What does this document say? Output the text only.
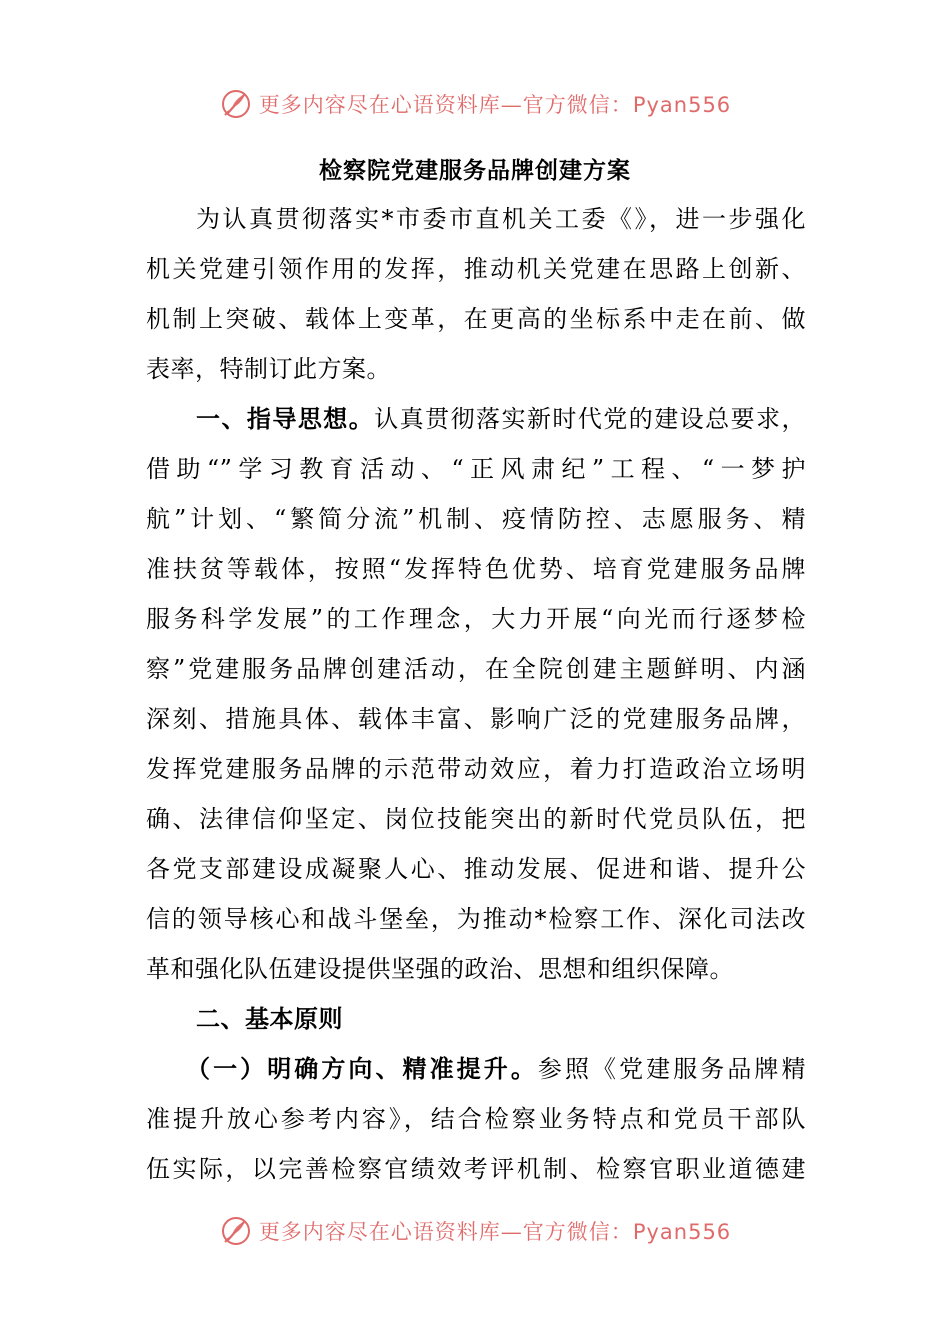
更多内容尽在心语资料库—官方微信：Pyan556
检察院党建服务品牌创建方案
为认真贯彻落实*市委市直机关工委《》，进一步强化
机关党建引领作用的发挥，推动机关党建在思路上创新、
机制上突破、载体上变革，在更高的坐标系中走在前、做
表率，特制订此方案。
一、指导思想。认真贯彻落实新时代党的建设总要求，
借助“”学习教育活动、“正风肃纪”工程、“一梦护
航”计划、“繁简分流”机制、疫情防控、志愿服务、精
准扶贫等载体，按照“发挥特色优势、培育党建服务品牌
服务科学发展”的工作理念，大力开展“向光而行逐梦检
察”党建服务品牌创建活动，在全院创建主题鲜明、内涵
深刻、措施具体、载体丰富、影响广泛的党建服务品牌，
发挥党建服务品牌的示范带动效应，着力打造政治立场明
确、法律信仰坚定、岗位技能突出的新时代党员队伍，把
各党支部建设成凝聚人心、推动发展、促进和谐、提升公
信的领导核心和战斗堡垒，为推动*检察工作、深化司法改
革和强化队伍建设提供坚强的政治、思想和组织保障。
二、基本原则
（一）明确方向、精准提升。参照《党建服务品牌精
准提升放心参考内容》，结合检察业务特点和党员干部队
伍实际，以完善检察官绩效考评机制、检察官职业道德建
更多内容尽在心语资料库—官方微信：Pyan556
